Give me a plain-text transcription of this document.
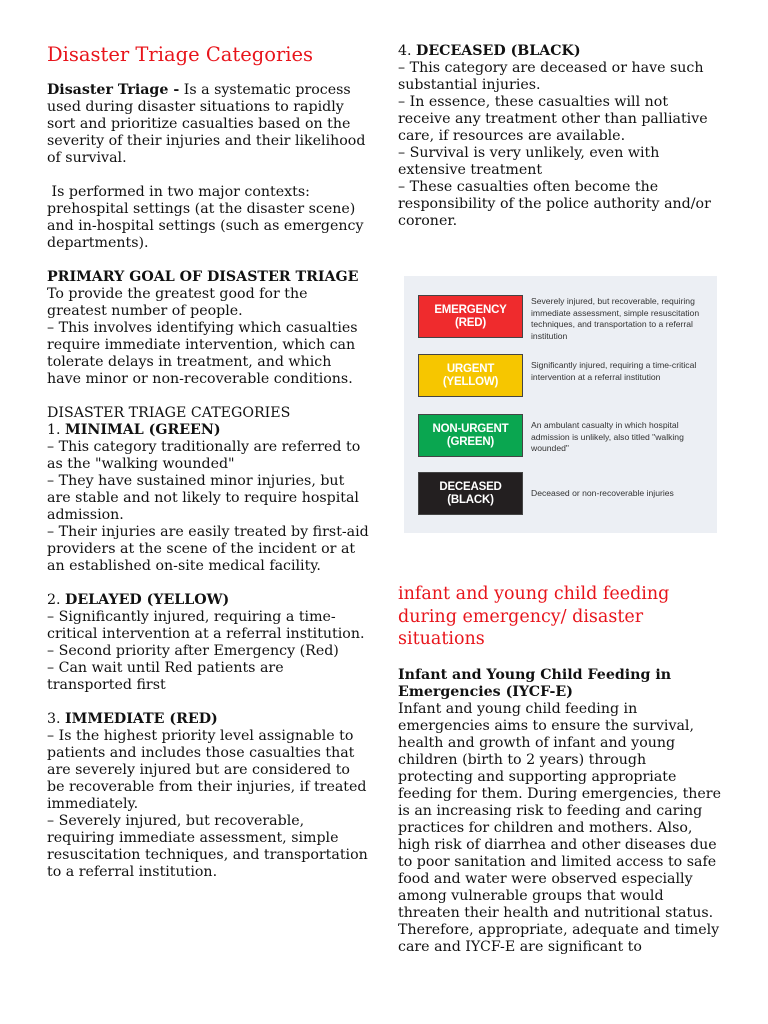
Disaster Triage Categories

Disaster Triage - Is a systematic process used during disaster situations to rapidly sort and prioritize casualties based on the severity of their injuries and their likelihood of survival.

Is performed in two major contexts: prehospital settings (at the disaster scene) and in-hospital settings (such as emergency departments).

PRIMARY GOAL OF DISASTER TRIAGE

To provide the greatest good for the greatest number of people.
– This involves identifying which casualties require immediate intervention, which can tolerate delays in treatment, and which have minor or non-recoverable conditions.

DISASTER TRIAGE CATEGORIES

1. MINIMAL (GREEN)

– This category traditionally are referred to as the "walking wounded"
– They have sustained minor injuries, but are stable and not likely to require hospital admission.
– Their injuries are easily treated by first-aid providers at the scene of the incident or at an established on-site medical facility.

2. DELAYED (YELLOW)

– Significantly injured, requiring a time-critical intervention at a referral institution.
– Second priority after Emergency (Red)
– Can wait until Red patients are transported first

3. IMMEDIATE (RED)

– Is the highest priority level assignable to patients and includes those casualties that are severely injured but are considered to be recoverable from their injuries, if treated immediately.
– Severely injured, but recoverable, requiring immediate assessment, simple resuscitation techniques, and transportation to a referral institution.

4. DECEASED (BLACK)

– This category are deceased or have such substantial injuries.
– In essence, these casualties will not receive any treatment other than palliative care, if resources are available.
– Survival is very unlikely, even with extensive treatment
– These casualties often become the responsibility of the police authority and/or coroner.
EMERGENCY
(RED)
Severely injured, but recoverable, requiring immediate assessment, simple resuscitation techniques, and transportation to a referral institution
URGENT
(YELLOW)
Significantly injured, requiring a time-critical intervention at a referral institution
NON-URGENT
(GREEN)
An ambulant casualty in which hospital admission is unlikely, also titled "walking wounded"
DECEASED
(BLACK)
Deceased or non-recoverable injuries
infant and young child feeding during emergency/ disaster situations

Infant and Young Child Feeding in Emergencies (IYCF-E)

Infant and young child feeding in emergencies aims to ensure the survival, health and growth of infant and young children (birth to 2 years) through protecting and supporting appropriate feeding for them. During emergencies, there is an increasing risk to feeding and caring practices for children and mothers. Also, high risk of diarrhea and other diseases due to poor sanitation and limited access to safe food and water were observed especially among vulnerable groups that would threaten their health and nutritional status. Therefore, appropriate, adequate and timely care and IYCF-E are significant to
